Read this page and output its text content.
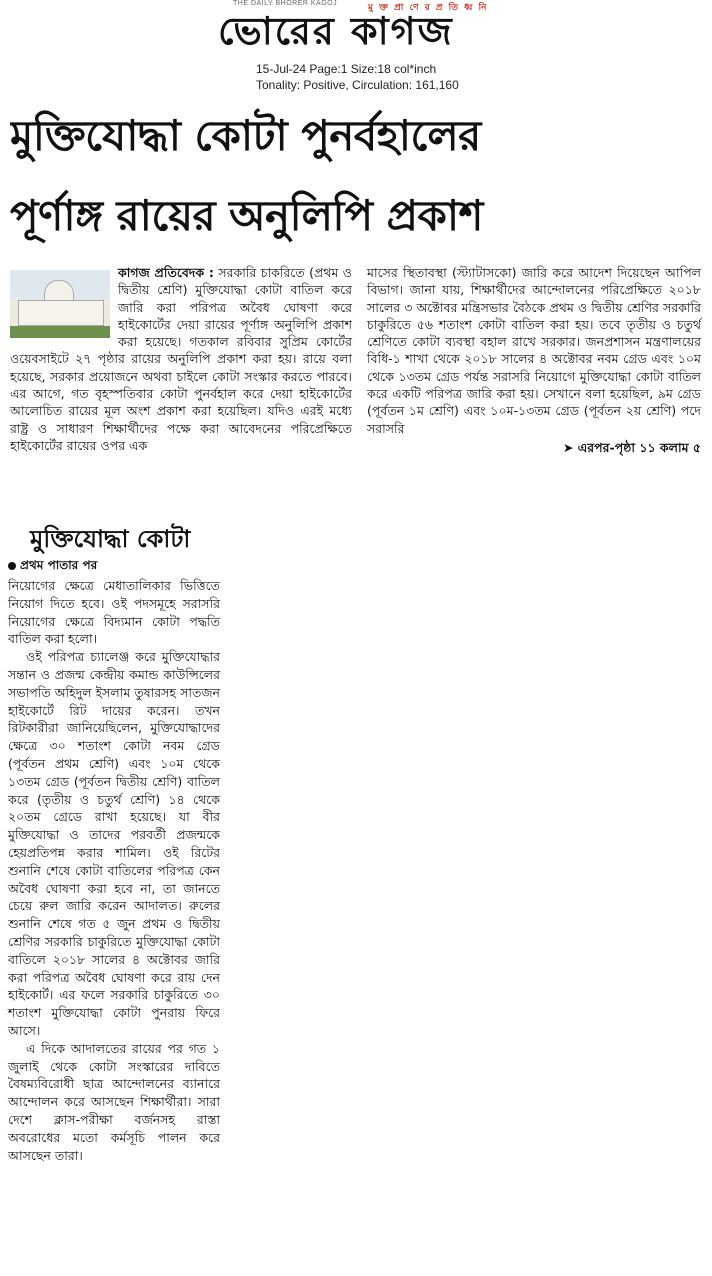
THE DAILY BHORER KAGOJ	মু ক্ত প্রা ণে র প্র তি ধ্ব নি
ভোরের কাগজ
15-Jul-24 Page:1 Size:18 col*inch
Tonality: Positive, Circulation: 161,160
মুক্তিযোদ্ধা কোটা পুনর্বহালের
পূর্ণাঙ্গ রায়ের অনুলিপি প্রকাশ
কাগজ প্রতিবেদক : সরকারি চাকরিতে (প্রথম ও দ্বিতীয় শ্রেণি) মুক্তিযোদ্ধা কোটা বাতিল করে জারি করা পরিপত্র অবৈধ ঘোষণা করে হাইকোর্টের দেয়া রায়ের পূর্ণাঙ্গ অনুলিপি প্রকাশ করা হয়েছে। গতকাল রবিবার সুপ্রিম কোর্টের ওয়েবসাইটে ২৭ পৃষ্ঠার রায়ের অনুলিপি প্রকাশ করা হয়। রায়ে বলা হয়েছে, সরকার প্রয়োজনে অথবা চাইলে কোটা সংস্কার করতে পারবে। এর আগে, গত বৃহস্পতিবার কোটা পুনর্বহাল করে দেয়া হাইকোর্টের আলোচিত রায়ের মূল অংশ প্রকাশ করা হয়েছিল। যদিও এরই মধ্যে রাষ্ট্র ও সাধারণ শিক্ষার্থীদের পক্ষে করা আবেদনের পরিপ্রেক্ষিতে হাইকোর্টের রায়ের ওপর এক
মাসের স্থিতাবস্থা (স্ট্যাটাসকো) জারি করে আদেশ দিয়েছেন আপিল বিভাগ। জানা যায়, শিক্ষার্থীদের আন্দোলনের পরিপ্রেক্ষিতে ২০১৮ সালের ৩ অক্টোবর মন্ত্রিসভার বৈঠকে প্রথম ও দ্বিতীয় শ্রেণির সরকারি চাকুরিতে ৫৬ শতাংশ কোটা বাতিল করা হয়। তবে তৃতীয় ও চতুর্থ শ্রেণিতে কোটা ব্যবস্থা বহাল রাখে সরকার। জনপ্রশাসন মন্ত্রণালয়ের বিধি-১ শাখা থেকে ২০১৮ সালের ৪ অক্টোবর নবম গ্রেড এবং ১০ম থেকে ১৩তম গ্রেড পর্যন্ত সরাসরি নিয়োগে মুক্তিযোদ্ধা কোটা বাতিল করে একটি পরিপত্র জারি করা হয়। সেখানে বলা হয়েছিল, ৯ম গ্রেড (পূর্বতন ১ম শ্রেণি) এবং ১০ম-১৩তম গ্রেড (পূর্বতন ২য় শ্রেণি) পদে সরাসরি
➤ এরপর-পৃষ্ঠা ১১ কলাম ৫
মুক্তিযোদ্ধা কোটা
প্রথম পাতার পর

নিয়োগের ক্ষেত্রে মেধাতালিকার ভিত্তিতে নিয়োগ দিতে হবে। ওই পদসমূহে সরাসরি নিয়োগের ক্ষেত্রে বিদ্যমান কোটা পদ্ধতি বাতিল করা হলো।

ওই পরিপত্র চ্যালেঞ্জ করে মুক্তিযোদ্ধার সন্তান ও প্রজন্ম কেন্দ্রীয় কমান্ড কাউন্সিলের সভাপতি অহিদুল ইসলাম তুষারসহ সাতজন হাইকোর্টে রিট দায়ের করেন। তখন রিটকারীরা জানিয়েছিলেন, মুক্তিযোদ্ধাদের ক্ষেত্রে ৩০ শতাংশ কোটা নবম গ্রেড (পূর্বতন প্রথম শ্রেণি) এবং ১০ম থেকে ১৩তম গ্রেড (পূর্বতন দ্বিতীয় শ্রেণি) বাতিল করে (তৃতীয় ও চতুর্থ শ্রেণি) ১৪ থেকে ২০তম গ্রেডে রাখা হয়েছে। যা বীর মুক্তিযোদ্ধা ও তাদের পরবর্তী প্রজন্মকে হেয়প্রতিপন্ন করার শামিল। ওই রিটের শুনানি শেষে কোটা বাতিলের পরিপত্র কেন অবৈধ ঘোষণা করা হবে না, তা জানতে চেয়ে রুল জারি করেন আদালত। রুলের শুনানি শেষে গত ৫ জুন প্রথম ও দ্বিতীয় শ্রেণির সরকারি চাকুরিতে মুক্তিযোদ্ধা কোটা বাতিলে ২০১৮ সালের ৪ অক্টোবর জারি করা পরিপত্র অবৈধ ঘোষণা করে রায় দেন হাইকোর্ট। এর ফলে সরকারি চাকুরিতে ৩০ শতাংশ মুক্তিযোদ্ধা কোটা পুনরায় ফিরে আসে।

এ দিকে আদালতের রায়ের পর গত ১ জুলাই থেকে কোটা সংস্কারের দাবিতে বৈষম্যবিরোধী ছাত্র আন্দোলনের ব্যানারে আন্দোলন করে আসছেন শিক্ষার্থীরা। সারা দেশে ক্লাস-পরীক্ষা বর্জনসহ রাস্তা অবরোধের মতো কর্মসূচি পালন করে আসছেন তারা।
